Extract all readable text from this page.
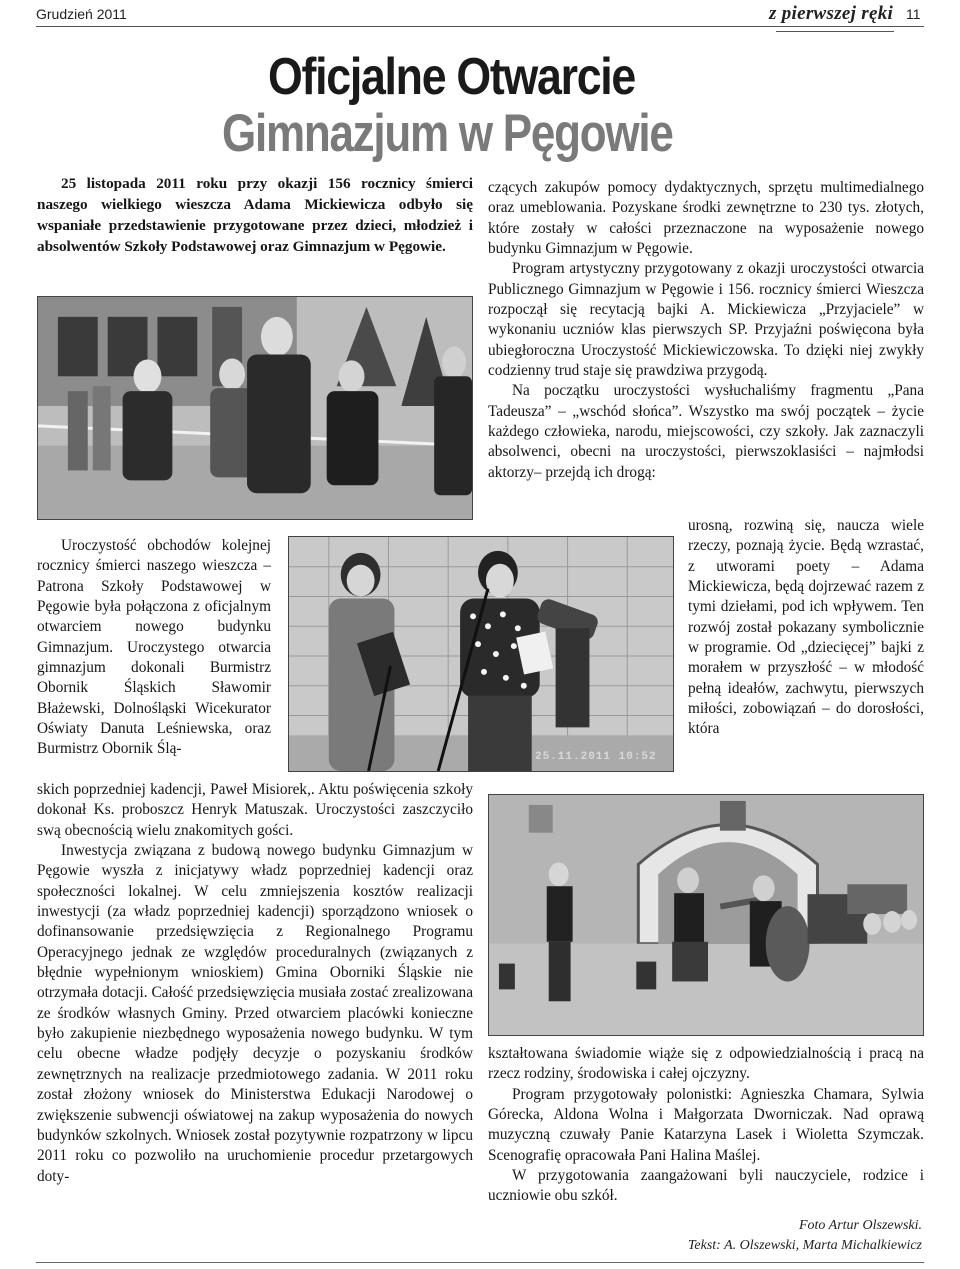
Grudzień 2011	z pierwszej ręki 11
Oficjalne Otwarcie
Gimnazjum w Pęgowie

25 listopada 2011 roku przy okazji 156 rocznicy śmierci naszego wielkiego wieszcza Adama Mickiewicza odbyło się wspaniałe przedstawienie przygotowane przez dzieci, młodzież i absolwentów Szkoły Podstawowej oraz Gimnazjum w Pęgowie.

Uroczystość obchodów kolejnej rocznicy śmierci naszego wieszcza – Patrona Szkoły Podstawowej w Pęgowie była połączona z oficjalnym otwarciem nowego budynku Gimnazjum. Uroczystego otwarcia gimnazjum dokonali Burmistrz Obornik Śląskich Sławomir Błażewski, Dolnośląski Wicekurator Oświaty Danuta Leśniewska, oraz Burmistrz Obornik Ślą-	25.11.2011 10:52

skich poprzedniej kadencji, Paweł Misiorek,. Aktu poświęcenia szkoły dokonał Ks. proboszcz Henryk Matuszak. Uroczystości zaszczyciło swą obecnością wielu znakomitych gości.

Inwestycja związana z budową nowego budynku Gimnazjum w Pęgowie wyszła z inicjatywy władz poprzedniej kadencji oraz społeczności lokalnej. W celu zmniejszenia kosztów realizacji inwestycji (za władz poprzedniej kadencji) sporządzono wniosek o dofinansowanie przedsięwzięcia z Regionalnego Programu Operacyjnego jednak ze względów proceduralnych (związanych z błędnie wypełnionym wnioskiem) Gmina Oborniki Śląskie nie otrzymała dotacji. Całość przedsięwzięcia musiała zostać zrealizowana ze środków własnych Gminy. Przed otwarciem placówki konieczne było zakupienie niezbędnego wyposażenia nowego budynku. W tym celu obecne władze podjęły decyzje o pozyskaniu środków zewnętrznych na realizacje przedmiotowego zadania. W 2011 roku został złożony wniosek do Ministerstwa Edukacji Narodowej o zwiększenie subwencji oświatowej na zakup wyposażenia do nowych budynków szkolnych. Wniosek został pozytywnie rozpatrzony w lipcu 2011 roku co pozwoliło na uruchomienie procedur przetargowych doty-

czących zakupów pomocy dydaktycznych, sprzętu multimedialnego oraz umeblowania. Pozyskane środki zewnętrzne to 230 tys. złotych, które zostały w całości przeznaczone na wyposażenie nowego budynku Gimnazjum w Pęgowie.

Program artystyczny przygotowany z okazji uroczystości otwarcia Publicznego Gimnazjum w Pęgowie i 156. rocznicy śmierci Wieszcza rozpoczął się recytacją bajki A. Mickiewicza „Przyjaciele” w wykonaniu uczniów klas pierwszych SP. Przyjaźni poświęcona była ubiegłoroczna Uroczystość Mickiewiczowska. To dzięki niej zwykły codzienny trud staje się prawdziwa przygodą.

Na początku uroczystości wysłuchaliśmy fragmentu „Pana Tadeusza” – „wschód słońca”. Wszystko ma swój początek – życie każdego człowieka, narodu, miejscowości, czy szkoły. Jak zaznaczyli absolwenci, obecni na uroczystości, pierwszoklasiści – najmłodsi aktorzy– przejdą ich drogą:

urosną, rozwiną się, naucza wiele rzeczy, poznają życie. Będą wzrastać, z utworami poety – Adama Mickiewicza, będą dojrzewać razem z tymi dziełami, pod ich wpływem. Ten rozwój został pokazany symbolicznie w programie. Od „dziecięcej” bajki z morałem w przyszłość – w młodość pełną ideałów, zachwytu, pierwszych miłości, zobowiązań – do dorosłości, która

kształtowana świadomie wiąże się z odpowiedzialnością i pracą na rzecz rodziny, środowiska i całej ojczyzny.

Program przygotowały polonistki: Agnieszka Chamara, Sylwia Górecka, Aldona Wolna i Małgorzata Dworniczak. Nad oprawą muzyczną czuwały Panie Katarzyna Lasek i Wioletta Szymczak. Scenografię opracowała Pani Halina Maślej.

W przygotowania zaangażowani byli nauczyciele, rodzice i uczniowie obu szkół.

Foto Artur Olszewski.
Tekst: A. Olszewski, Marta Michalkiewicz
